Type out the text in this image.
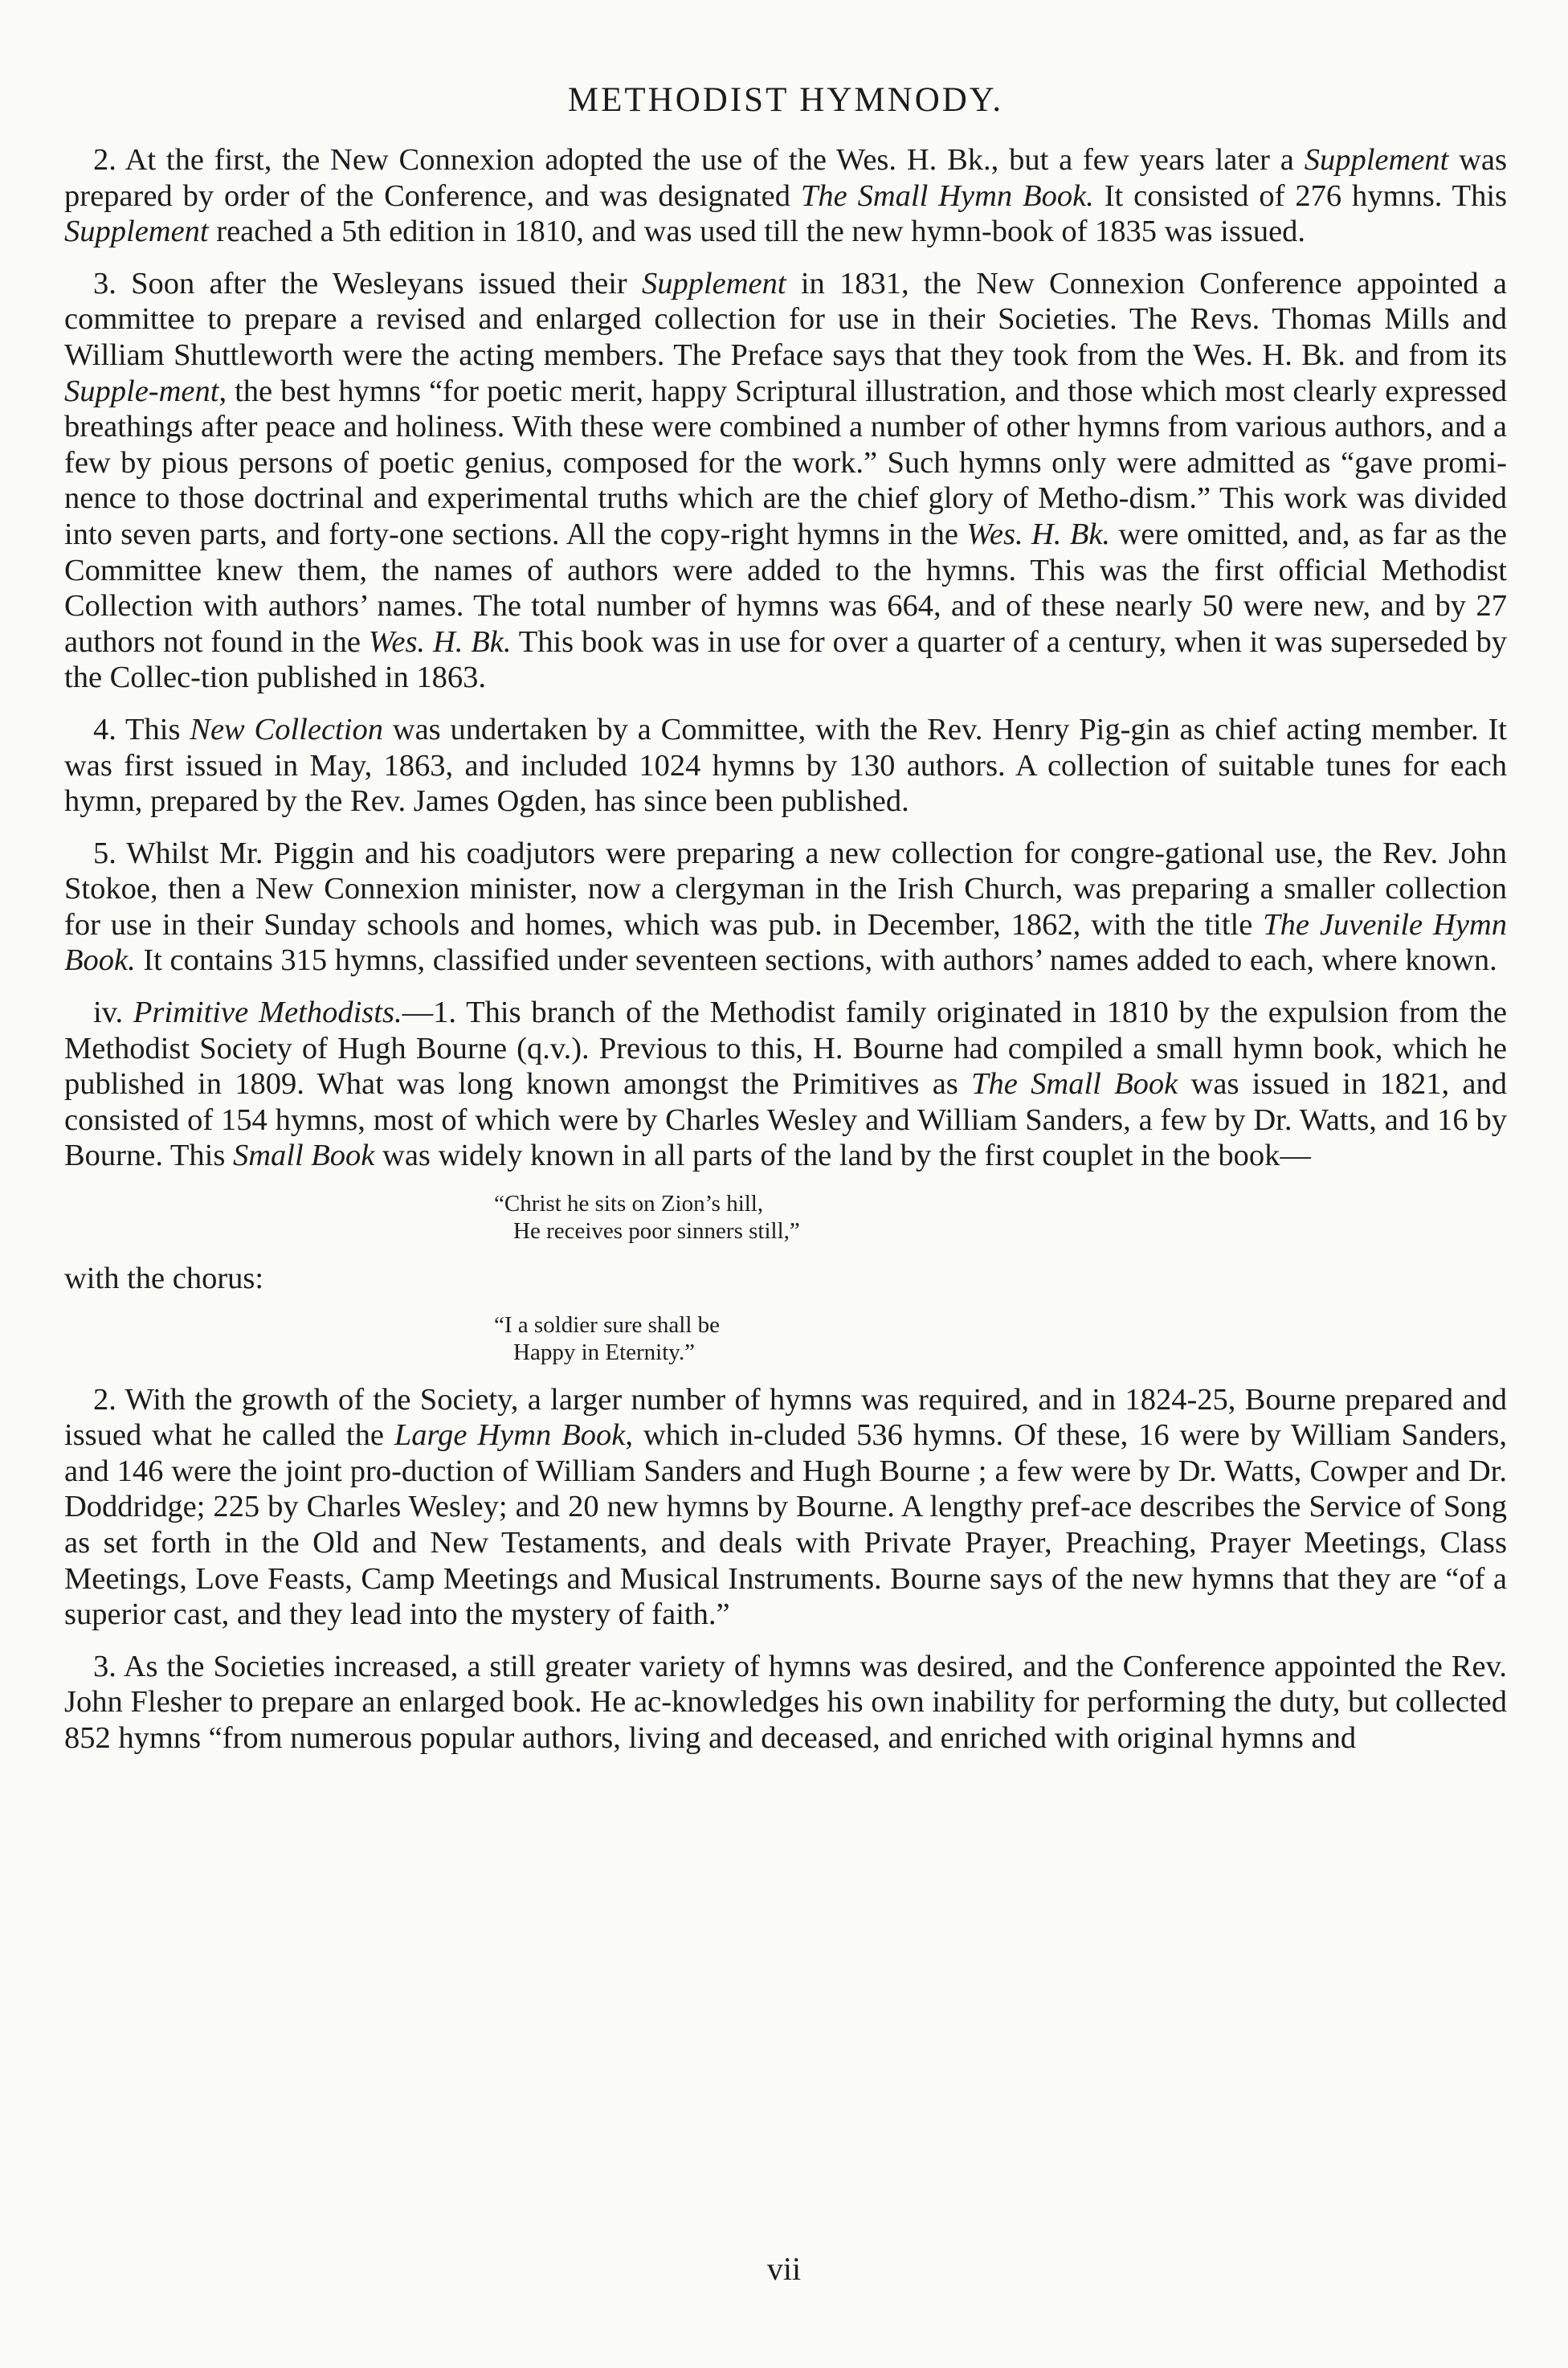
METHODIST HYMNODY.

2. At the first, the New Connexion adopted the use of the Wes. H. Bk., but a few years later a Supplement was prepared by order of the Conference, and was designated The Small Hymn Book. It consisted of 276 hymns. This Supplement reached a 5th edition in 1810, and was used till the new hymn-book of 1835 was issued.

3. Soon after the Wesleyans issued their Supplement in 1831, the New Connexion Conference appointed a committee to prepare a revised and enlarged collection for use in their Societies. The Revs. Thomas Mills and William Shuttleworth were the acting members. The Preface says that they took from the Wes. H. Bk. and from its Supple-ment, the best hymns “for poetic merit, happy Scriptural illustration, and those which most clearly expressed breathings after peace and holiness. With these were combined a number of other hymns from various authors, and a few by pious persons of poetic genius, composed for the work.” Such hymns only were admitted as “gave promi-nence to those doctrinal and experimental truths which are the chief glory of Metho-dism.” This work was divided into seven parts, and forty-one sections. All the copy-right hymns in the Wes. H. Bk. were omitted, and, as far as the Committee knew them, the names of authors were added to the hymns. This was the first official Methodist Collection with authors’ names. The total number of hymns was 664, and of these nearly 50 were new, and by 27 authors not found in the Wes. H. Bk. This book was in use for over a quarter of a century, when it was superseded by the Collec-tion published in 1863.

4. This New Collection was undertaken by a Committee, with the Rev. Henry Pig-gin as chief acting member. It was first issued in May, 1863, and included 1024 hymns by 130 authors. A collection of suitable tunes for each hymn, prepared by the Rev. James Ogden, has since been published.

5. Whilst Mr. Piggin and his coadjutors were preparing a new collection for congre-gational use, the Rev. John Stokoe, then a New Connexion minister, now a clergyman in the Irish Church, was preparing a smaller collection for use in their Sunday schools and homes, which was pub. in December, 1862, with the title The Juvenile Hymn Book. It contains 315 hymns, classified under seventeen sections, with authors’ names added to each, where known.

iv. Primitive Methodists.—1. This branch of the Methodist family originated in 1810 by the expulsion from the Methodist Society of Hugh Bourne (q.v.). Previous to this, H. Bourne had compiled a small hymn book, which he published in 1809. What was long known amongst the Primitives as The Small Book was issued in 1821, and consisted of 154 hymns, most of which were by Charles Wesley and William Sanders, a few by Dr. Watts, and 16 by Bourne. This Small Book was widely known in all parts of the land by the first couplet in the book—

“Christ he sits on Zion’s hill,
He receives poor sinners still,”
with the chorus:
“I a soldier sure shall be
Happy in Eternity.”

2. With the growth of the Society, a larger number of hymns was required, and in 1824-25, Bourne prepared and issued what he called the Large Hymn Book, which in-cluded 536 hymns. Of these, 16 were by William Sanders, and 146 were the joint pro-duction of William Sanders and Hugh Bourne ; a few were by Dr. Watts, Cowper and Dr. Doddridge; 225 by Charles Wesley; and 20 new hymns by Bourne. A lengthy pref-ace describes the Service of Song as set forth in the Old and New Testaments, and deals with Private Prayer, Preaching, Prayer Meetings, Class Meetings, Love Feasts, Camp Meetings and Musical Instruments. Bourne says of the new hymns that they are “of a superior cast, and they lead into the mystery of faith.”

3. As the Societies increased, a still greater variety of hymns was desired, and the Conference appointed the Rev. John Flesher to prepare an enlarged book. He ac-knowledges his own inability for performing the duty, but collected 852 hymns “from numerous popular authors, living and deceased, and enriched with original hymns and

vii
